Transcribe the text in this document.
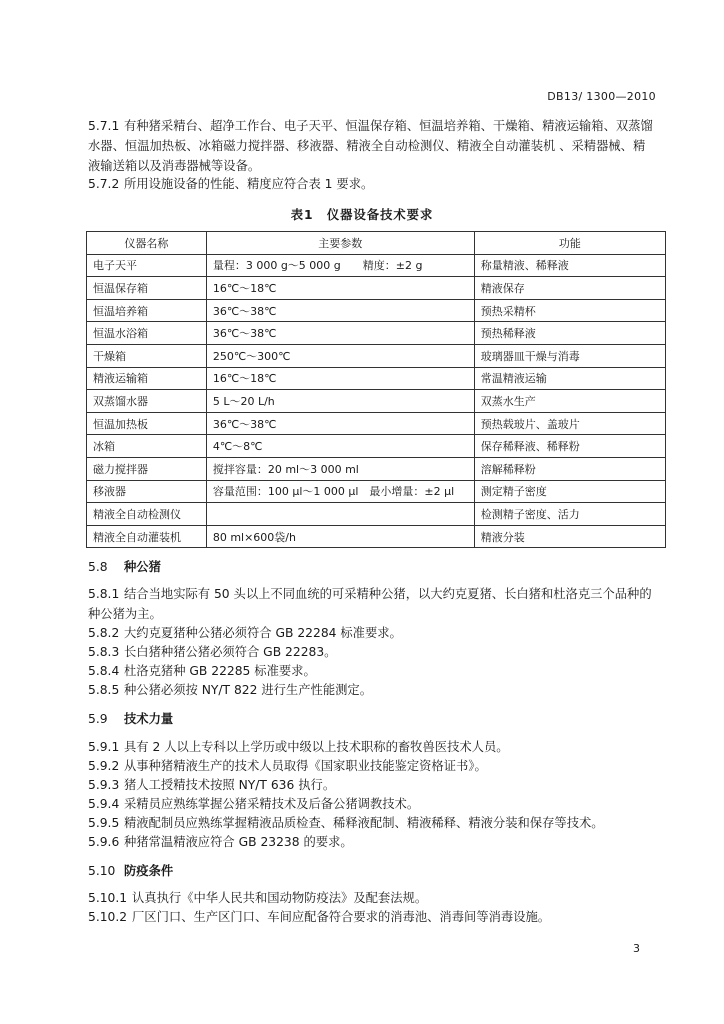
DB13/ 1300—2010
5.7.1 有种猪采精台、超净工作台、电子天平、恒温保存箱、恒温培养箱、干燥箱、精液运输箱、双蒸馏水器、恒温加热板、冰箱磁力搅拌器、移液器、精液全自动检测仪、精液全自动灌装机 、采精器械、精液输送箱以及消毒器械等设备。
5.7.2 所用设施设备的性能、精度应符合表 1 要求。
表1　仪器设备技术要求
仪器名称	主要参数	功能
电子天平	量程：3 000 g～5 000 g　　精度：±2 g	称量精液、稀释液
恒温保存箱	16℃～18℃	精液保存
恒温培养箱	36℃～38℃	预热采精杯
恒温水浴箱	36℃～38℃	预热稀释液
干燥箱	250℃～300℃	玻璃器皿干燥与消毒
精液运输箱	16℃～18℃	常温精液运输
双蒸馏水器	5 L～20 L/h	双蒸水生产
恒温加热板	36℃～38℃	预热载玻片、盖玻片
冰箱	4℃～8℃	保存稀释液、稀释粉
磁力搅拌器	搅拌容量：20 ml～3 000 ml	溶解稀释粉
移液器	容量范围：100 μl～1 000 μl　最小增量：±2 μl	测定精子密度
精液全自动检测仪		检测精子密度、活力
精液全自动灌装机	80 ml×600袋/h	精液分装
5.8 种公猪
5.8.1 结合当地实际有 50 头以上不同血统的可采精种公猪，以大约克夏猪、长白猪和杜洛克三个品种的种公猪为主。
5.8.2 大约克夏猪种公猪必须符合 GB 22284 标准要求。
5.8.3 长白猪种猪公猪必须符合 GB 22283。
5.8.4 杜洛克猪种 GB 22285 标准要求。
5.8.5 种公猪必须按 NY/T 822 进行生产性能测定。
5.9 技术力量
5.9.1 具有 2 人以上专科以上学历或中级以上技术职称的畜牧兽医技术人员。
5.9.2 从事种猪精液生产的技术人员取得《国家职业技能鉴定资格证书》。
5.9.3 猪人工授精技术按照 NY/T 636 执行。
5.9.4 采精员应熟练掌握公猪采精技术及后备公猪调教技术。
5.9.5 精液配制员应熟练掌握精液品质检查、稀释液配制、精液稀释、精液分装和保存等技术。
5.9.6 种猪常温精液应符合 GB 23238 的要求。
5.10 防疫条件
5.10.1 认真执行《中华人民共和国动物防疫法》及配套法规。
5.10.2 厂区门口、生产区门口、车间应配备符合要求的消毒池、消毒间等消毒设施。
3
